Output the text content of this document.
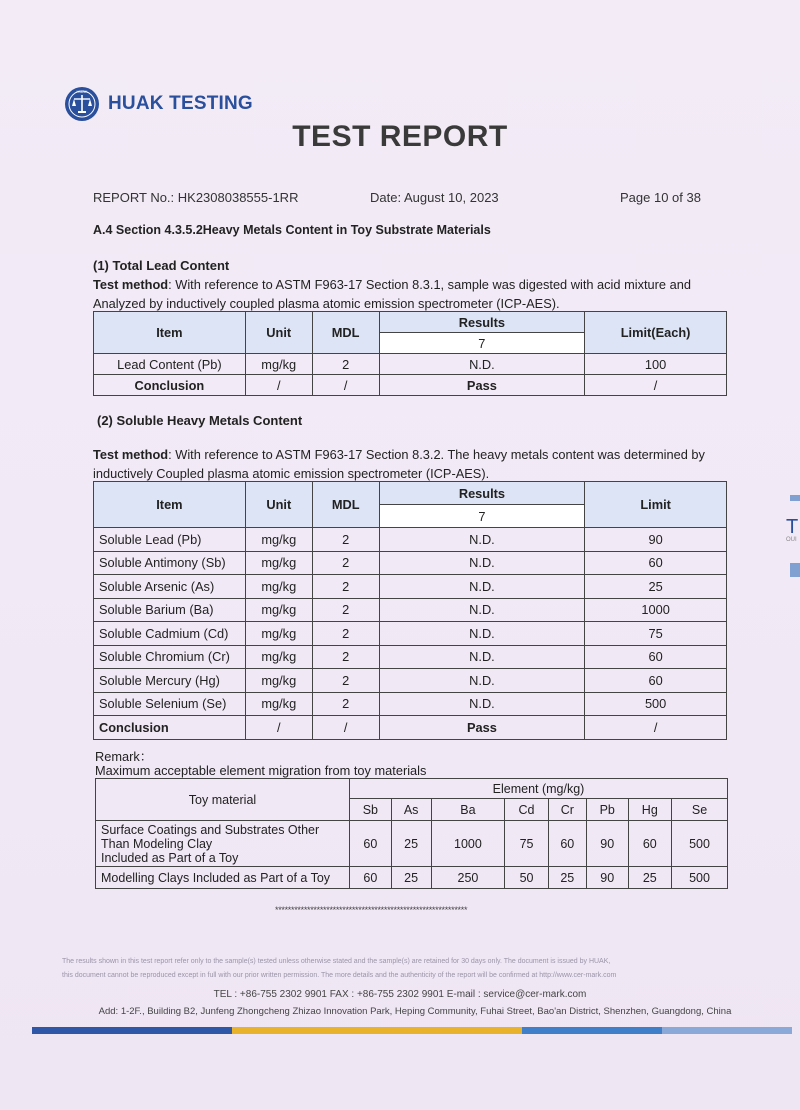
HUAK
HUAK TESTING
TEST REPORT
REPORT No.: HK2308038555-1RR	Date: August 10, 2023	Page 10 of 38
A.4 Section 4.3.5.2Heavy Metals Content in Toy Substrate Materials
(1) Total Lead Content
Test method: With reference to ASTM F963-17 Section 8.3.1, sample was digested with acid mixture and
Analyzed by inductively coupled plasma atomic emission spectrometer (ICP-AES).
Item	Unit	MDL	Results	Limit(Each)
			7	
Lead Content (Pb)	mg/kg	2	N.D.	100
Conclusion	/	/	Pass	/
(2) Soluble Heavy Metals Content
Test method: With reference to ASTM F963-17 Section 8.3.2. The heavy metals content was determined by
inductively Coupled plasma atomic emission spectrometer (ICP-AES).
Item	Unit	MDL	Results	Limit
			7	
Soluble Lead (Pb)	mg/kg	2	N.D.	90
Soluble Antimony (Sb)	mg/kg	2	N.D.	60
Soluble Arsenic (As)	mg/kg	2	N.D.	25
Soluble Barium (Ba)	mg/kg	2	N.D.	1000
Soluble Cadmium (Cd)	mg/kg	2	N.D.	75
Soluble Chromium (Cr)	mg/kg	2	N.D.	60
Soluble Mercury (Hg)	mg/kg	2	N.D.	60
Soluble Selenium (Se)	mg/kg	2	N.D.	500
Conclusion	/	/	Pass	/
Remark：
Maximum acceptable element migration from toy materials
Toy material	Element (mg/kg)							
	Sb	As	Ba	Cd	Cr	Pb	Hg	Se

Surface Coatings and Substrates Other
Than Modeling Clay
Included as Part of a Toy	60	25	1000	75	60	90	60	500

Modelling Clays Included as Part of a Toy	60	25	250	50	25	90	25	500
************************************************************
The results shown in this test report refer only to the sample(s) tested unless otherwise stated and the sample(s) are retained for 30 days only. The document is issued by HUAK,
this document cannot be reproduced except in full with our prior written permission. The more details and the authenticity of the report will be confirmed at http://www.cer-mark.com
TEL : +86-755 2302 9901 FAX : +86-755 2302 9901 E-mail : service@cer-mark.com
Add: 1-2F., Building B2, Junfeng Zhongcheng Zhizao Innovation Park, Heping Community, Fuhai Street, Bao'an District, Shenzhen, Guangdong, China
T
OUI
